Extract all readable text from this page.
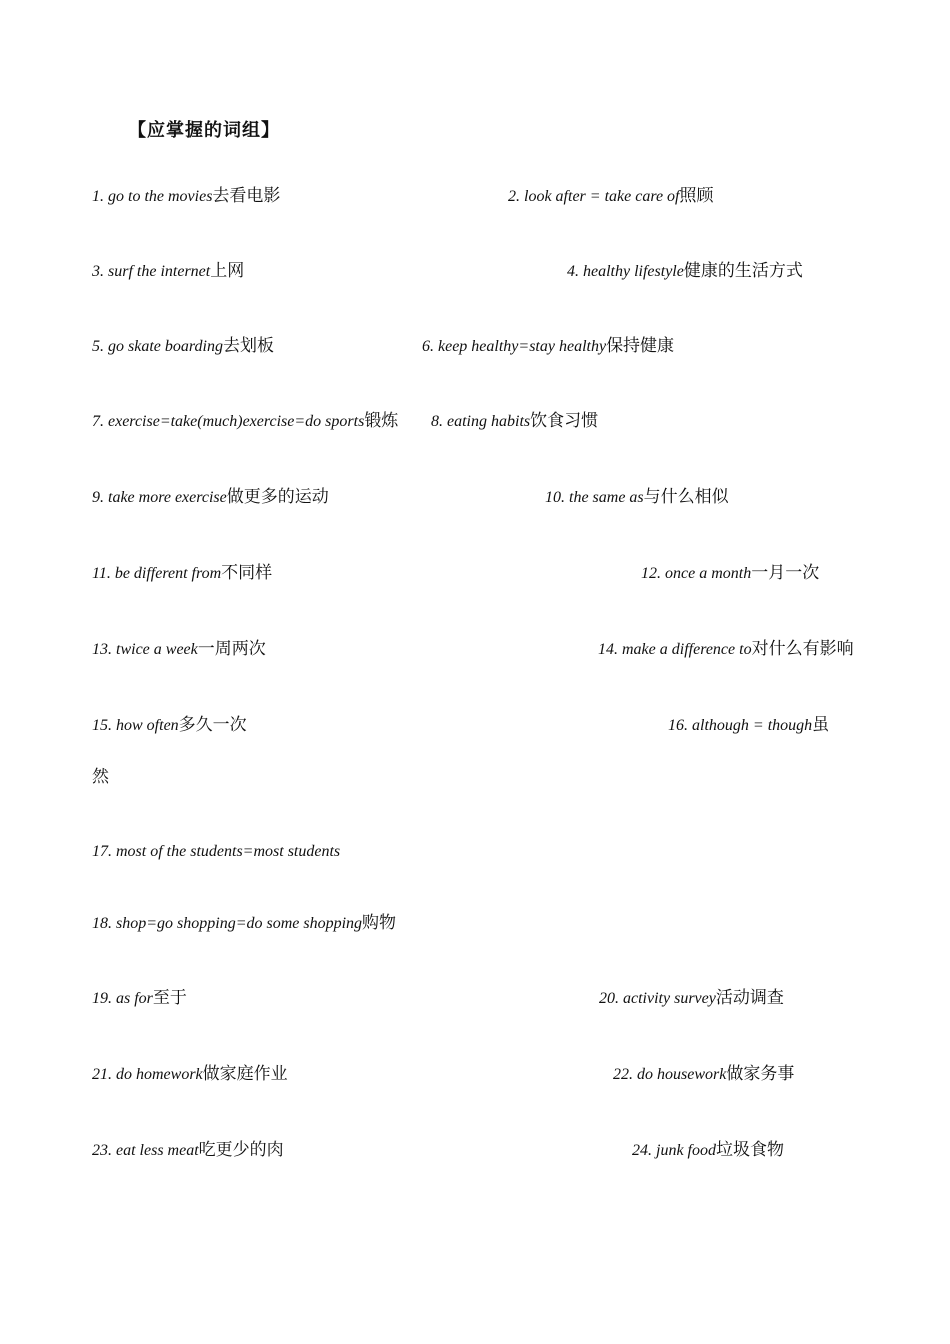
【应掌握的词组】
1. go to the movies去看电影	2. look after = take care of照顾
3. surf the internet上网	4. healthy lifestyle健康的生活方式
5. go skate boarding去划板	6. keep healthy=stay healthy保持健康
7. exercise=take(much)exercise=do sports锻炼 8. eating habits饮食习惯
9. take more exercise做更多的运动	10. the same as与什么相似
11. be different from不同样	12. once a month一月一次
13. twice a week一周两次	14. make a difference to对什么有影响
15. how often多久一次	16. although = though虽
然
17. most of the students=most students
18. shop=go shopping=do some shopping购物
19. as for至于	20. activity survey活动调查
21. do homework做家庭作业	22. do housework做家务事
23. eat less meat吃更少的肉	24. junk food垃圾食物
